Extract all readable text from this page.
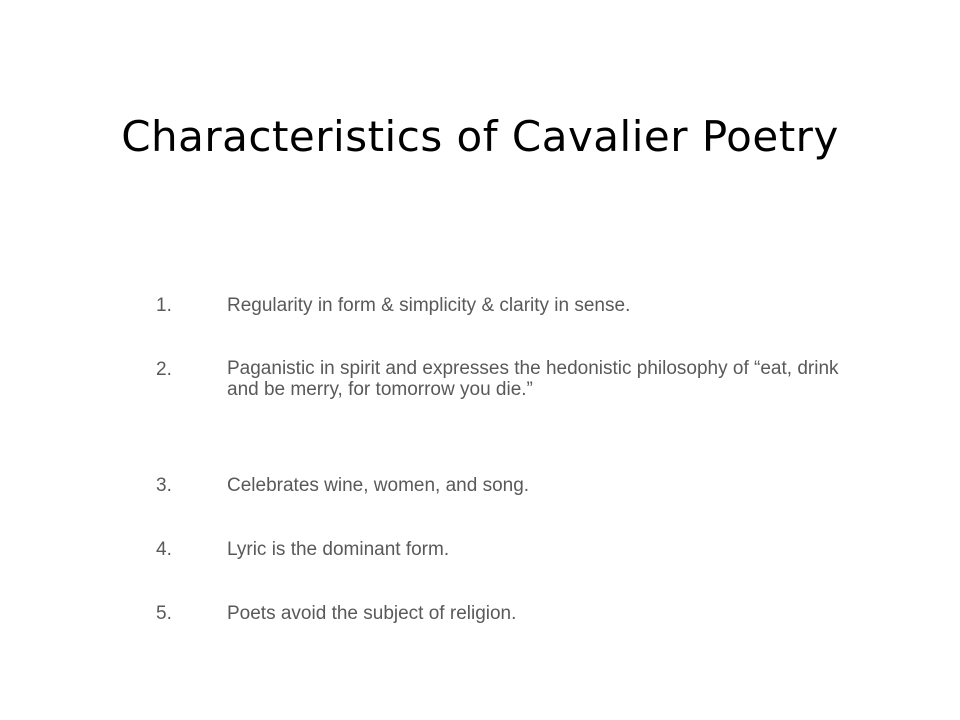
Characteristics of Cavalier Poetry
1.	Regularity in form & simplicity & clarity in sense.
2.	Paganistic in spirit and expresses the hedonistic philosophy of “eat, drink and be merry, for tomorrow you die.”
3.	Celebrates wine, women, and song.
4.	Lyric is the dominant form.
5.	Poets avoid the subject of religion.
